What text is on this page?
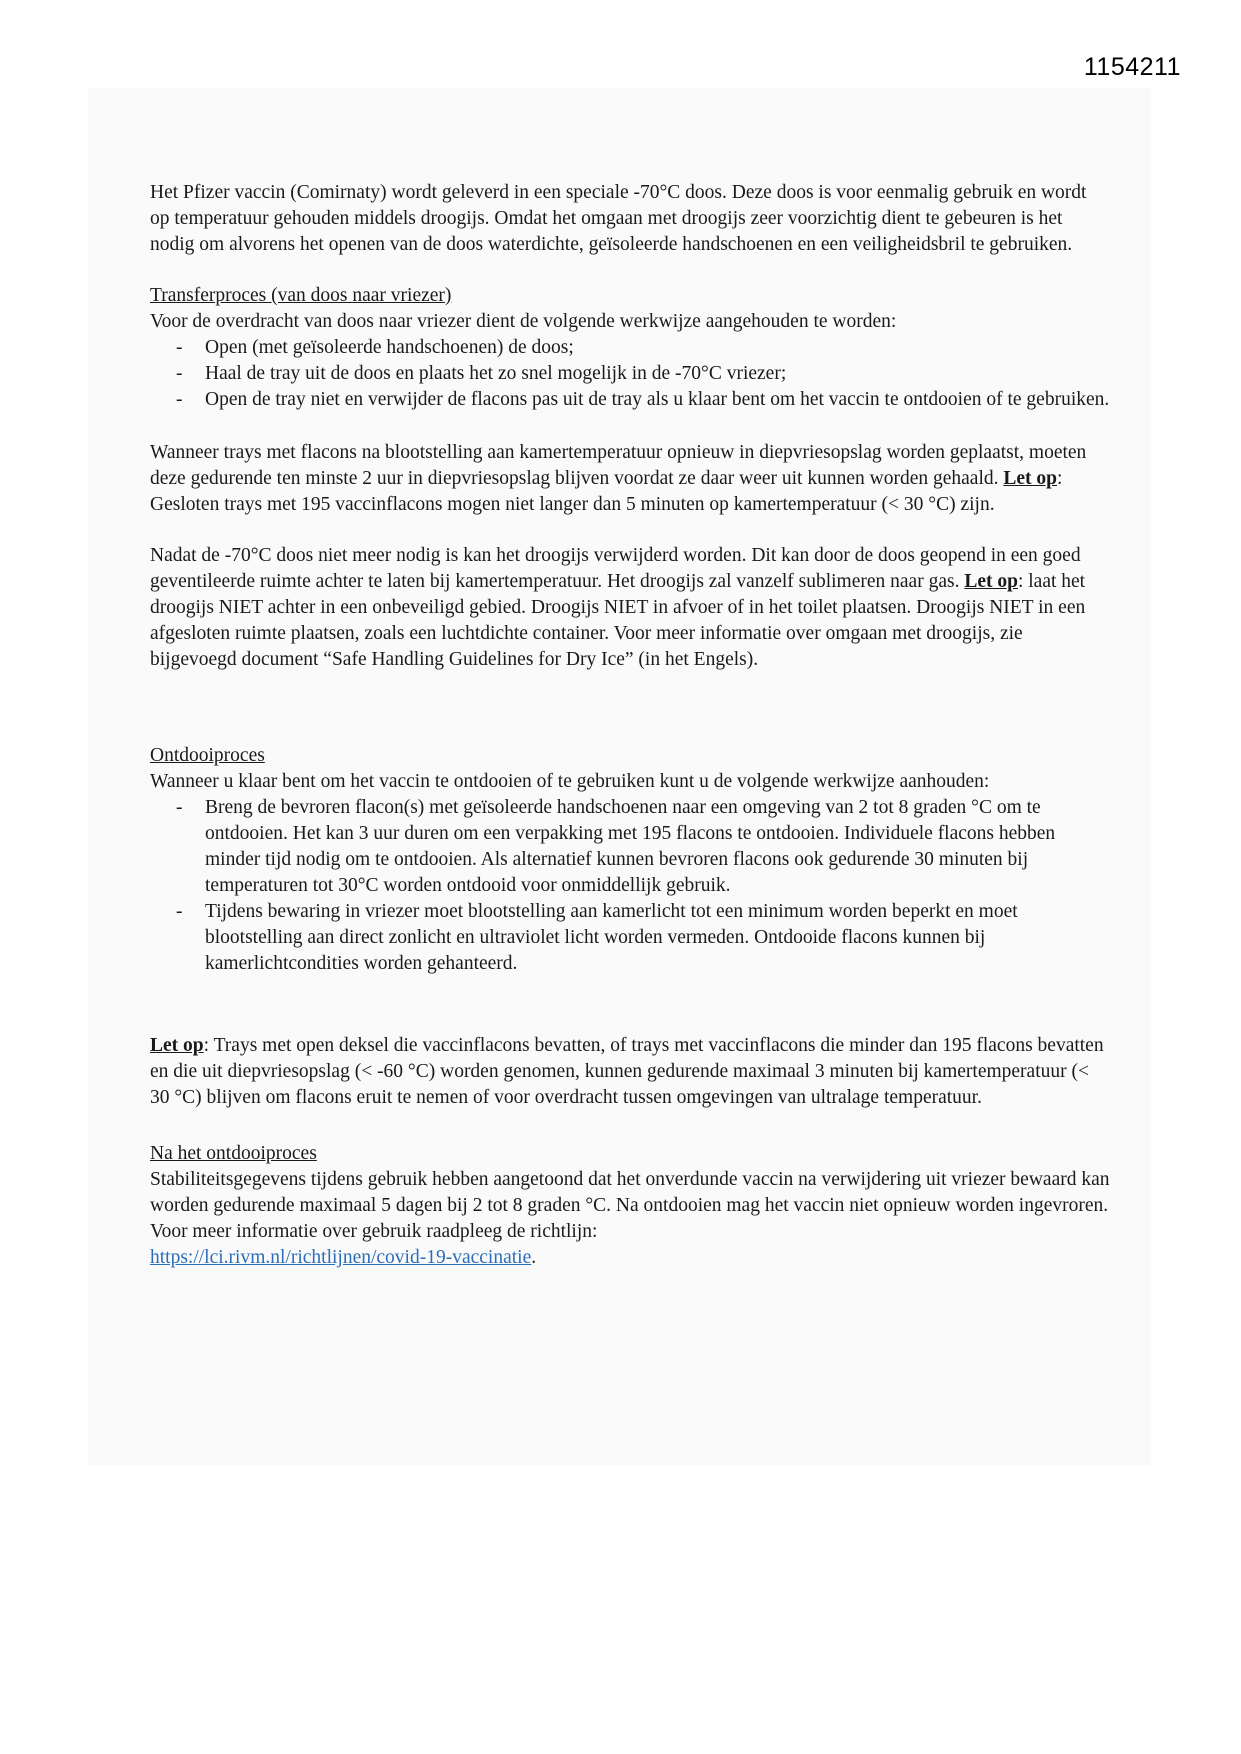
1154211

Het Pfizer vaccin (Comirnaty) wordt geleverd in een speciale -70°C doos. Deze doos is voor eenmalig gebruik en wordt op temperatuur gehouden middels droogijs. Omdat het omgaan met droogijs zeer voorzichtig dient te gebeuren is het nodig om alvorens het openen van de doos waterdichte, geïsoleerde handschoenen en een veiligheidsbril te gebruiken.

Transferproces (van doos naar vriezer)

Voor de overdracht van doos naar vriezer dient de volgende werkwijze aangehouden te worden:

-	Open (met geïsoleerde handschoenen) de doos;
-	Haal de tray uit de doos en plaats het zo snel mogelijk in de -70°C vriezer;
-	Open de tray niet en verwijder de flacons pas uit de tray als u klaar bent om het vaccin te ontdooien of te gebruiken.

Wanneer trays met flacons na blootstelling aan kamertemperatuur opnieuw in diepvriesopslag worden geplaatst, moeten deze gedurende ten minste 2 uur in diepvriesopslag blijven voordat ze daar weer uit kunnen worden gehaald. Let op: Gesloten trays met 195 vaccinflacons mogen niet langer dan 5 minuten op kamertemperatuur (< 30 °C) zijn.

Nadat de -70°C doos niet meer nodig is kan het droogijs verwijderd worden. Dit kan door de doos geopend in een goed geventileerde ruimte achter te laten bij kamertemperatuur. Het droogijs zal vanzelf sublimeren naar gas. Let op: laat het droogijs NIET achter in een onbeveiligd gebied. Droogijs NIET in afvoer of in het toilet plaatsen. Droogijs NIET in een afgesloten ruimte plaatsen, zoals een luchtdichte container. Voor meer informatie over omgaan met droogijs, zie bijgevoegd document “Safe Handling Guidelines for Dry Ice” (in het Engels).

Ontdooiproces

Wanneer u klaar bent om het vaccin te ontdooien of te gebruiken kunt u de volgende werkwijze aanhouden:

-	Breng de bevroren flacon(s) met geïsoleerde handschoenen naar een omgeving van 2 tot 8 graden °C om te ontdooien. Het kan 3 uur duren om een verpakking met 195 flacons te ontdooien. Individuele flacons hebben minder tijd nodig om te ontdooien. Als alternatief kunnen bevroren flacons ook gedurende 30 minuten bij temperaturen tot 30°C worden ontdooid voor onmiddellijk gebruik.
-	Tijdens bewaring in vriezer moet blootstelling aan kamerlicht tot een minimum worden beperkt en moet blootstelling aan direct zonlicht en ultraviolet licht worden vermeden. Ontdooide flacons kunnen bij kamerlichtcondities worden gehanteerd.

Let op: Trays met open deksel die vaccinflacons bevatten, of trays met vaccinflacons die minder dan 195 flacons bevatten en die uit diepvriesopslag (< -60 °C) worden genomen, kunnen gedurende maximaal 3 minuten bij kamertemperatuur (< 30 °C) blijven om flacons eruit te nemen of voor overdracht tussen omgevingen van ultralage temperatuur.

Na het ontdooiproces

Stabiliteitsgegevens tijdens gebruik hebben aangetoond dat het onverdunde vaccin na verwijdering uit vriezer bewaard kan worden gedurende maximaal 5 dagen bij 2 tot 8 graden °C. Na ontdooien mag het vaccin niet opnieuw worden ingevroren. Voor meer informatie over gebruik raadpleeg de richtlijn:

https://lci.rivm.nl/richtlijnen/covid-19-vaccinatie.
